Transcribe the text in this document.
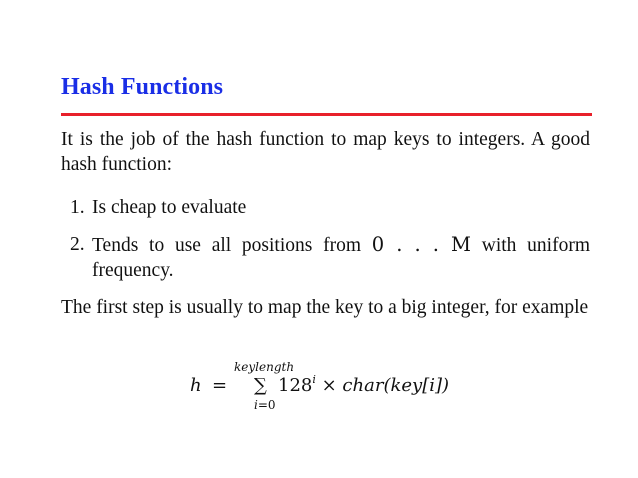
Hash Functions
It is the job of the hash function to map keys to integers. A good hash function:
1. Is cheap to evaluate
2. Tends to use all positions from 0 . . . M with uniform frequency.
The first step is usually to map the key to a big integer, for example
h =
keylength
∑
i=0
$128^i$ × char(key[i])
